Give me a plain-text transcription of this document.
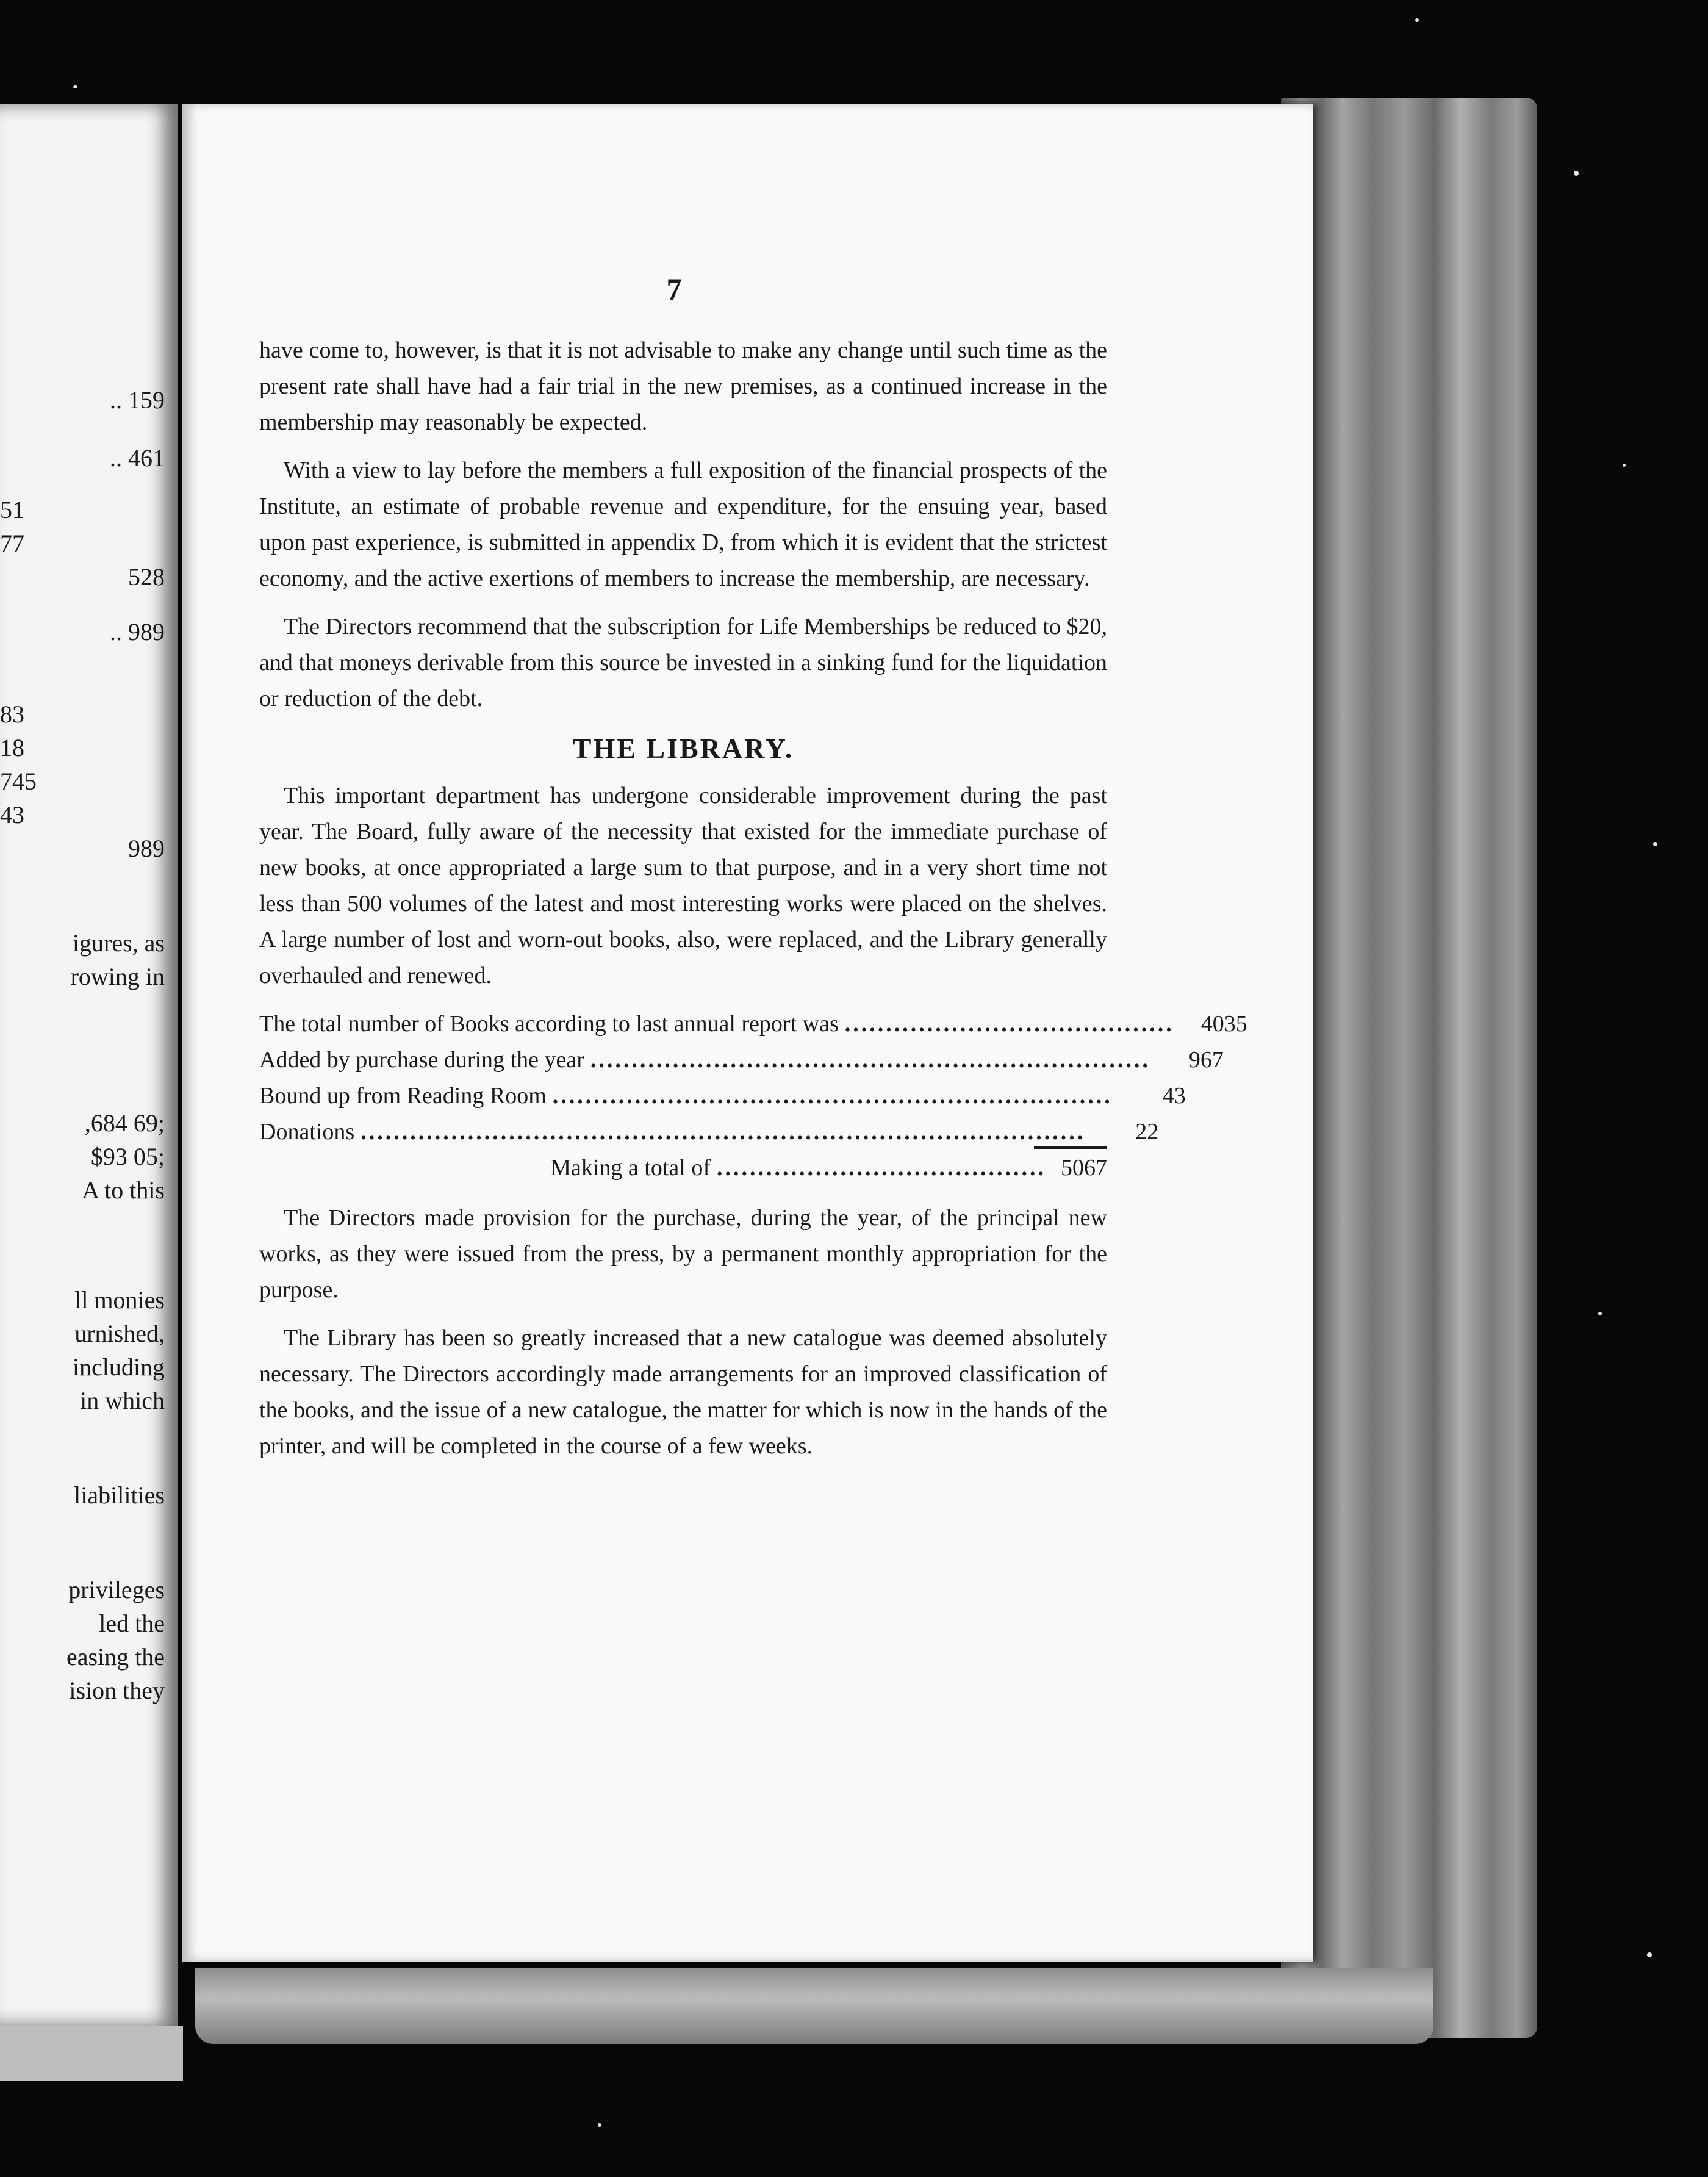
.. 159
.. 461
51
77
528
.. 989
83
18
745
43
989
igures, as
rowing in
,684 69;
$93 05;
A to this
ll monies
urnished,
including
in which
liabilities
privileges
led the
easing the
ision they
7

have come to, however, is that it is not advisable to make any change until such time as the present rate shall have had a fair trial in the new premises, as a continued increase in the membership may reasonably be expected.

With a view to lay before the members a full exposition of the financial prospects of the Institute, an estimate of probable revenue and expenditure, for the ensuing year, based upon past experience, is submitted in appendix D, from which it is evident that the strictest economy, and the active exertions of members to increase the membership, are necessary.

The Directors recommend that the subscription for Life Memberships be reduced to $20, and that moneys derivable from this source be invested in a sinking fund for the liquidation or reduction of the debt.

THE LIBRARY.

This important department has undergone considerable improvement during the past year. The Board, fully aware of the necessity that existed for the immediate purchase of new books, at once appropriated a large sum to that purpose, and in a very short time not less than 500 volumes of the latest and most interesting works were placed on the shelves. A large number of lost and worn-out books, also, were replaced, and the Library generally overhauled and renewed.

The total number of Books according to last annual report was ........................................	4035
Added by purchase during the year ....................................................................	967
Bound up from Reading Room ....................................................................	43
Donations ........................................................................................	22
Making a total of ........................................ 5067

The Directors made provision for the purchase, during the year, of the principal new works, as they were issued from the press, by a permanent monthly appropriation for the purpose.

The Library has been so greatly increased that a new catalogue was deemed absolutely necessary. The Directors accordingly made arrangements for an improved classification of the books, and the issue of a new catalogue, the matter for which is now in the hands of the printer, and will be completed in the course of a few weeks.
